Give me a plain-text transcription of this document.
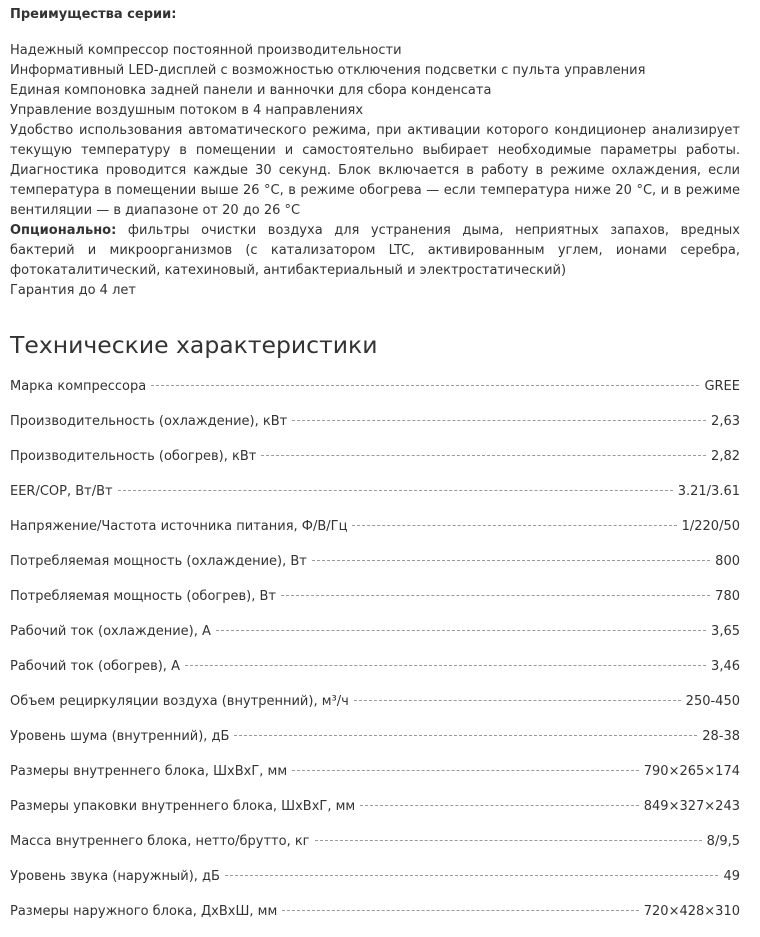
Преимущества серии:
Надежный компрессор постоянной производительности
Информативный LED-дисплей с возможностью отключения подсветки с пульта управления
Единая компоновка задней панели и ванночки для сбора конденсата
Управление воздушным потоком в 4 направлениях
Удобство использования автоматического режима, при активации которого кондиционер анализирует текущую температуру в помещении и самостоятельно выбирает необходимые параметры работы. Диагностика проводится каждые 30 секунд. Блок включается в работу в режиме охлаждения, если температура в помещении выше 26 °С, в режиме обогрева — если температура ниже 20 °С, и в режиме вентиляции — в диапазоне от 20 до 26 °С
Опционально: фильтры очистки воздуха для устранения дыма, неприятных запахов, вредных бактерий и микроорганизмов (с катализатором LTC, активированным углем, ионами серебра, фотокаталитический, катехиновый, антибактериальный и электростатический)
Гарантия до 4 лет
Технические характеристики
Марка компрессора	GREE
Производительность (охлаждение), кВт	2,63
Производительность (обогрев), кВт	2,82
EER/COP, Вт/Вт	3.21/3.61
Напряжение/Частота источника питания, Ф/В/Гц	1/220/50
Потребляемая мощность (охлаждение), Вт	800
Потребляемая мощность (обогрев), Вт	780
Рабочий ток (охлаждение), А	3,65
Рабочий ток (обогрев), А	3,46
Объем рециркуляции воздуха (внутренний), м³/ч	250-450
Уровень шума (внутренний), дБ	28-38
Размеры внутреннего блока, ШхВхГ, мм	790×265×174
Размеры упаковки внутреннего блока, ШхВхГ, мм	849×327×243
Масса внутреннего блока, нетто/брутто, кг	8/9,5
Уровень звука (наружный), дБ	49
Размеры наружного блока, ДхВхШ, мм	720×428×310
